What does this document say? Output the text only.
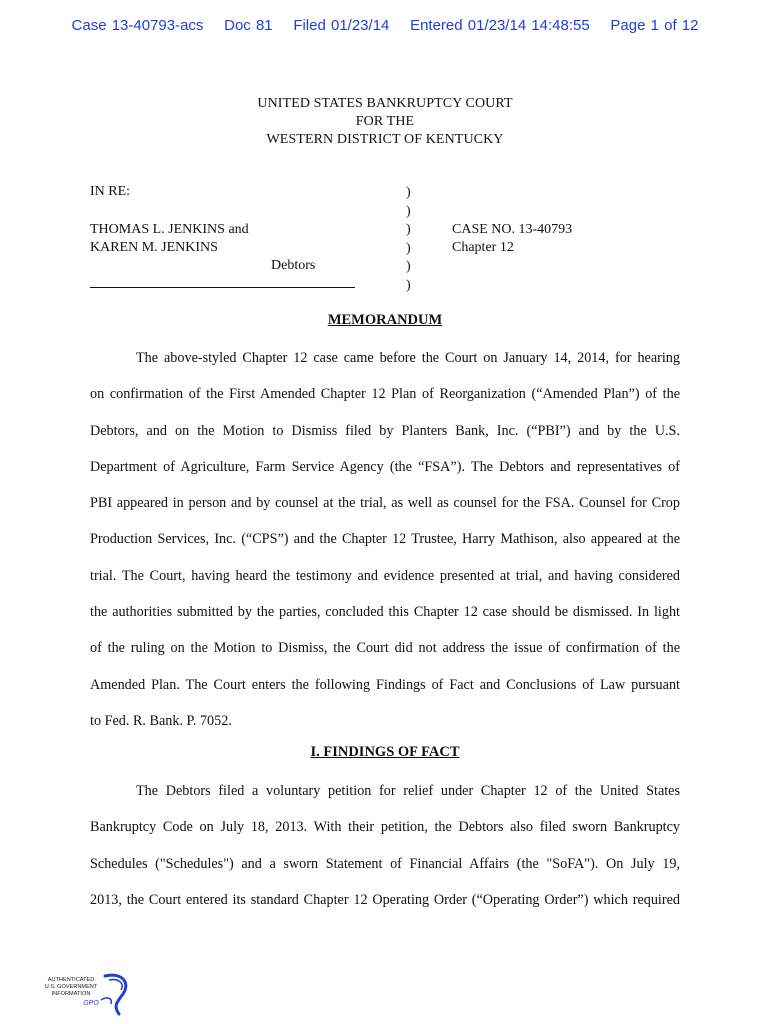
Case 13-40793-acs Doc 81 Filed 01/23/14 Entered 01/23/14 14:48:55 Page 1 of 12
UNITED STATES BANKRUPTCY COURT
FOR THE
WESTERN DISTRICT OF KENTUCKY
IN RE:
THOMAS L. JENKINS and
KAREN M. JENKINS
Debtors
)
)
)
)
)
)
CASE NO. 13-40793
Chapter 12
MEMORANDUM
The above-styled Chapter 12 case came before the Court on January 14, 2014, for hearing
on confirmation of the First Amended Chapter 12 Plan of Reorganization (“Amended Plan”) of the
Debtors, and on the Motion to Dismiss filed by Planters Bank, Inc. (“PBI”) and by the U.S.
Department of Agriculture, Farm Service Agency (the “FSA”). The Debtors and representatives of
PBI appeared in person and by counsel at the trial, as well as counsel for the FSA. Counsel for Crop
Production Services, Inc. (“CPS”) and the Chapter 12 Trustee, Harry Mathison, also appeared at the
trial. The Court, having heard the testimony and evidence presented at trial, and having considered
the authorities submitted by the parties, concluded this Chapter 12 case should be dismissed. In light
of the ruling on the Motion to Dismiss, the Court did not address the issue of confirmation of the
Amended Plan. The Court enters the following Findings of Fact and Conclusions of Law pursuant
to Fed. R. Bank. P. 7052.
I. FINDINGS OF FACT
The Debtors filed a voluntary petition for relief under Chapter 12 of the United States
Bankruptcy Code on July 18, 2013. With their petition, the Debtors also filed sworn Bankruptcy
Schedules ("Schedules") and a sworn Statement of Financial Affairs (the "SoFA"). On July 19,
2013, the Court entered its standard Chapter 12 Operating Order (“Operating Order”) which required
AUTHENTICATED
U.S. GOVERNMENT
INFORMATION
GPO
